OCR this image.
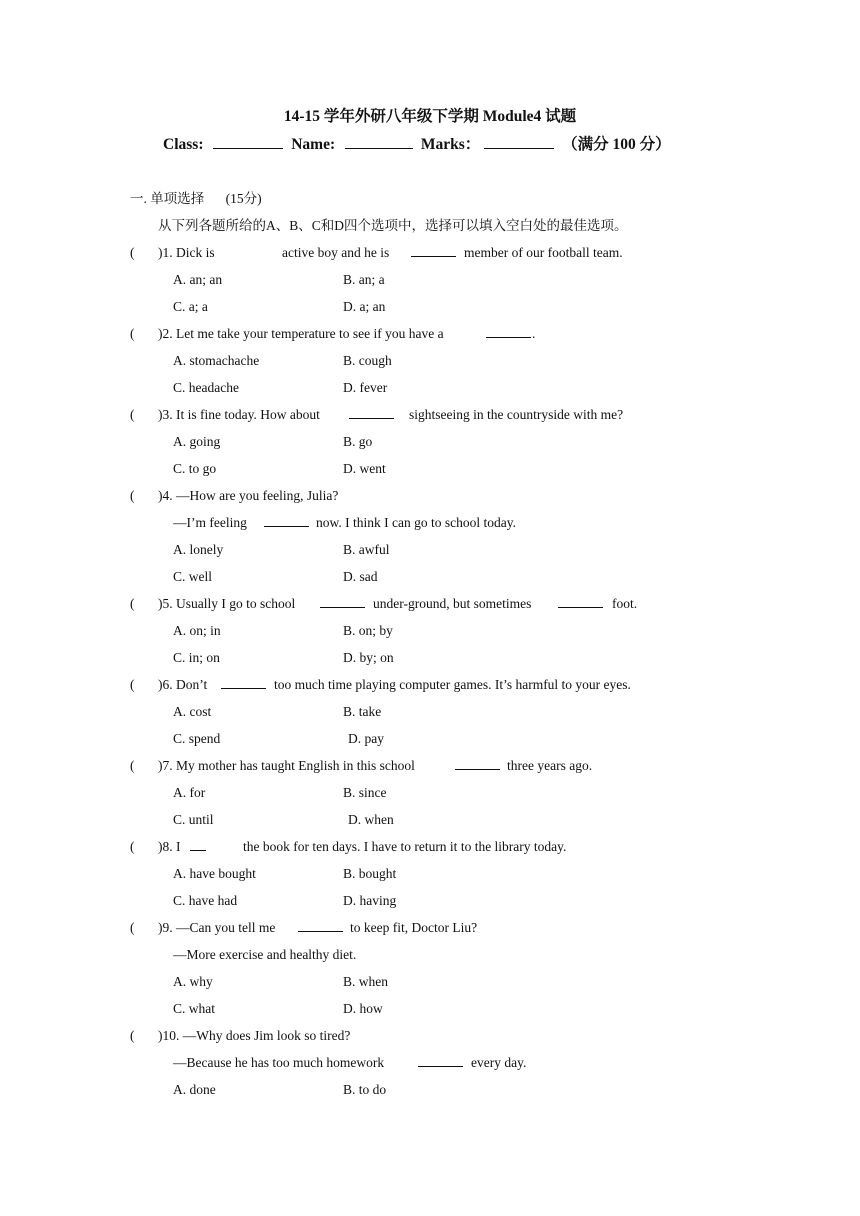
14-15 学年外研八年级下学期 Module4 试题
Class:	Name:	Marks：	（满分 100 分）
一. 单项选择 (15分)
从下列各题所给的A、B、C和D四个选项中，选择可以填入空白处的最佳选项。
( )1. Dick is	active boy and he is	member of our football team.
A. an; an	B. an; a
C. a; a	D. a; an
( )2. Let me take your temperature to see if you have a	.
A. stomachache	B. cough
C. headache	D. fever
( )3. It is fine today. How about	sightseeing in the countryside with me?
A. going	B. go
C. to go	D. went
( )4. —How are you feeling, Julia?
—I’m feeling	now. I think I can go to school today.
A. lonely	B. awful
C. well	D. sad
( )5. Usually I go to school	under-ground, but sometimes	foot.
A. on; in	B. on; by
C. in; on	D. by; on
( )6. Don’t	too much time playing computer games. It’s harmful to your eyes.
A. cost	B. take
C. spend	D. pay
( )7. My mother has taught English in this school	three years ago.
A. for	B. since
C. until	D. when
( )8. I	the book for ten days. I have to return it to the library today.
A. have bought	B. bought
C. have had	D. having
( )9. —Can you tell me	to keep fit, Doctor Liu?
—More exercise and healthy diet.
A. why	B. when
C. what	D. how
( )10. —Why does Jim look so tired?
—Because he has too much homework	every day.
A. done	B. to do
